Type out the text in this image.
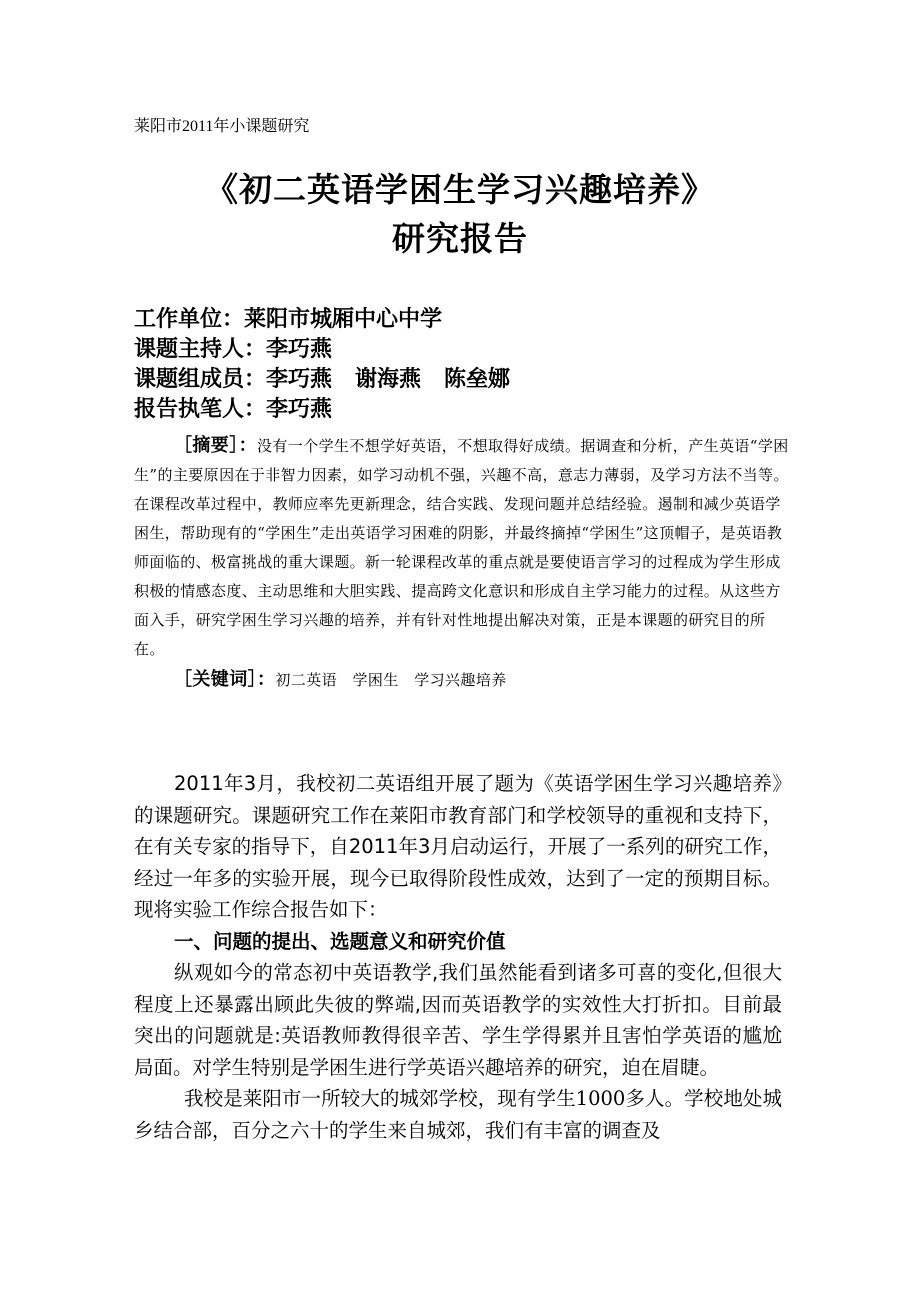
莱阳市2011年小课题研究
《初二英语学困生学习兴趣培养》
研究报告
工作单位：莱阳市城厢中心中学
课题主持人：李巧燕
课题组成员：李巧燕   谢海燕   陈垒娜
报告执笔人：李巧燕
［摘要］：没有一个学生不想学好英语，不想取得好成绩。据调查和分析，产生英语“学困生”的主要原因在于非智力因素，如学习动机不强，兴趣不高，意志力薄弱，及学习方法不当等。在课程改革过程中，教师应率先更新理念，结合实践、发现问题并总结经验。遏制和减少英语学困生，帮助现有的“学困生”走出英语学习困难的阴影，并最终摘掉“学困生”这顶帽子，是英语教师面临的、极富挑战的重大课题。新一轮课程改革的重点就是要使语言学习的过程成为学生形成积极的情感态度、主动思维和大胆实践、提高跨文化意识和形成自主学习能力的过程。从这些方面入手，研究学困生学习兴趣的培养，并有针对性地提出解决对策，正是本课题的研究目的所在。
［关键词］：初二英语   学困生   学习兴趣培养

2011年3月，我校初二英语组开展了题为《英语学困生学习兴趣培养》的课题研究。课题研究工作在莱阳市教育部门和学校领导的重视和支持下，在有关专家的指导下，自2011年3月启动运行，开展了一系列的研究工作，经过一年多的实验开展，现今已取得阶段性成效，达到了一定的预期目标。现将实验工作综合报告如下：

一、问题的提出、选题意义和研究价值

纵观如今的常态初中英语教学,我们虽然能看到诸多可喜的变化,但很大程度上还暴露出顾此失彼的弊端,因而英语教学的实效性大打折扣。目前最突出的问题就是:英语教师教得很辛苦、学生学得累并且害怕学英语的尴尬局面。对学生特别是学困生进行学英语兴趣培养的研究，迫在眉睫。

我校是莱阳市一所较大的城郊学校，现有学生1000多人。学校地处城乡结合部，百分之六十的学生来自城郊，我们有丰富的调查及
